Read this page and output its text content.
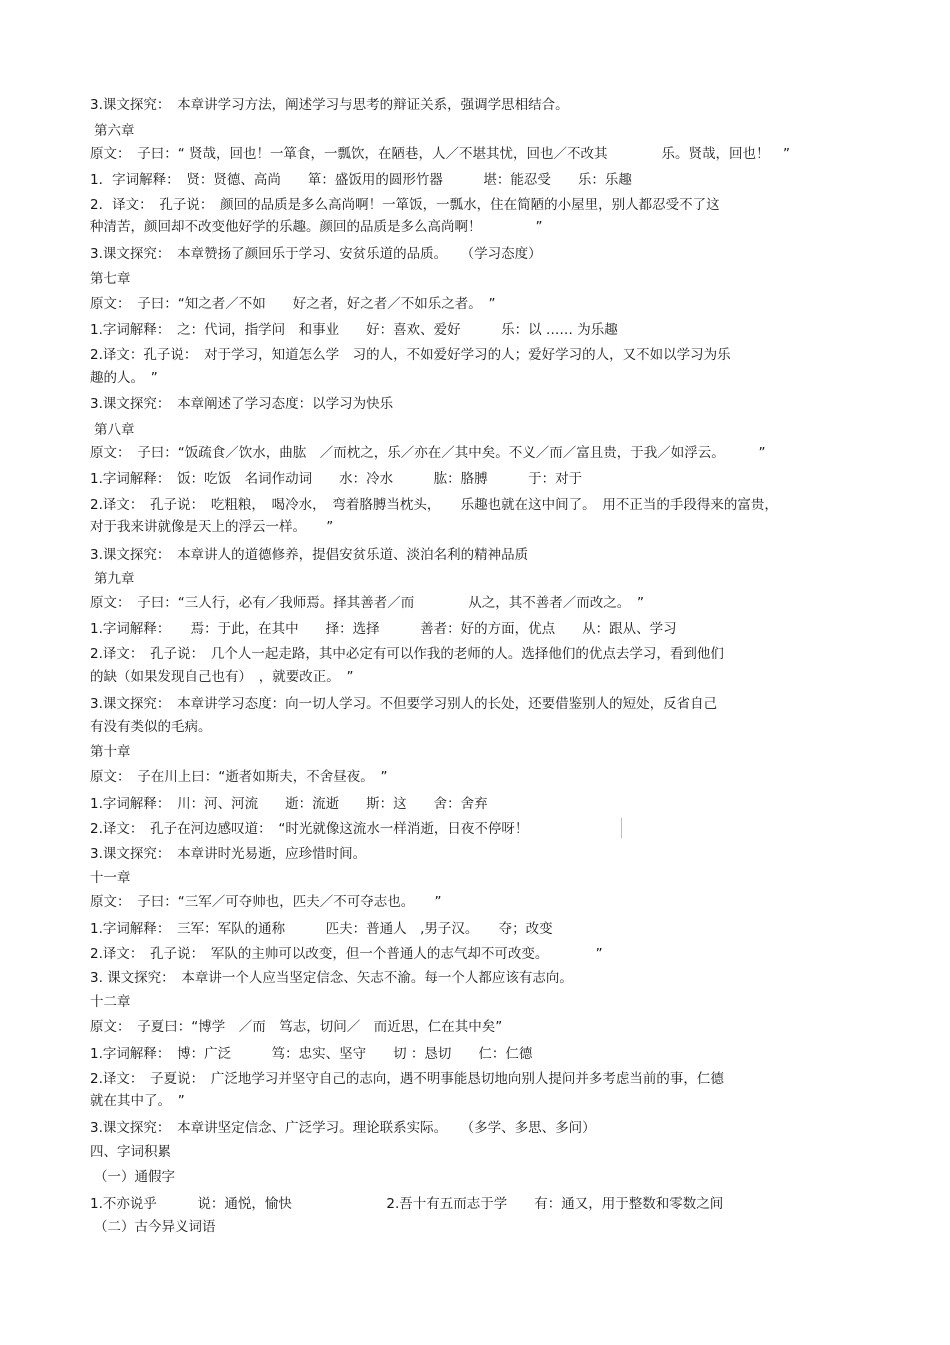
3.课文探究：　本章讲学习方法，阐述学习与思考的辩证关系，强调学思相结合。
第六章
原文：　子曰：“ 贤哉，回也！一箪食，一瓢饮，在陋巷，人／不堪其忧，回也／不改其　　　　乐。贤哉，回也！　”
1．字词解释：　贤：贤德、高尚　　箪：盛饭用的圆形竹器　　　堪：能忍受　　乐：乐趣
2．译文：　孔子说：　颜回的品质是多么高尚啊！一箪饭，一瓢水，住在简陋的小屋里，别人都忍受不了这
种清苦，颜回却不改变他好学的乐趣。颜回的品质是多么高尚啊！　　　　”
3.课文探究：　本章赞扬了颜回乐于学习、安贫乐道的品质。　　（学习态度）
第七章
原文：　子曰：“知之者／不如　　好之者，好之者／不如乐之者。　”
1.字词解释：　之：代词，指学问　和事业　　好：喜欢、爱好　　　乐：以 …… 为乐趣
2.译文：孔子说：　对于学习，知道怎么学　习的人，不如爱好学习的人；爱好学习的人，又不如以学习为乐
趣的人。　”
3.课文探究：　本章阐述了学习态度：以学习为快乐
第八章
原文：　子曰：“饭疏食／饮水，曲肱　／而枕之，乐／亦在／其中矣。不义／而／富且贵，于我／如浮云。　　　”
1.字词解释：　饭：吃饭　名词作动词　　水：冷水　　　肱：胳膊　　　于：对于
2.译文：　孔子说：　吃粗粮，　喝冷水，　弯着胳膊当枕头，　　乐趣也就在这中间了。　用不正当的手段得来的富贵，
对于我来讲就像是天上的浮云一样。　　”
3.课文探究：　本章讲人的道德修养，提倡安贫乐道、淡泊名利的精神品质
第九章
原文：　子曰：“三人行，必有／我师焉。择其善者／而　　　　从之，其不善者／而改之。　”
1.字词解释：　　焉：于此，在其中　　择：选择　　　善者：好的方面，优点　　从：跟从、学习
2.译文：　孔子说：　几个人一起走路，其中必定有可以作我的老师的人。选择他们的优点去学习，看到他们
的缺（如果发现自己也有）　，就要改正。　”
3.课文探究：　本章讲学习态度：向一切人学习。不但要学习别人的长处，还要借鉴别人的短处，反省自己
有没有类似的毛病。
第十章
原文：　子在川上曰：“逝者如斯夫，不舍昼夜。　”
1.字词解释：　川：河、河流　　逝：流逝　　斯：这　　舍：舍弃
2.译文：　孔子在河边感叹道：　“时光就像这流水一样消逝，日夜不停呀！
3.课文探究：　本章讲时光易逝，应珍惜时间。
十一章
原文：　子曰：“三军／可夺帅也，匹夫／不可夺志也。　　”
1.字词解释：　三军：军队的通称　　　匹夫：普通人　,男子汉。　　夺；改变
2.译文：　孔子说：　军队的主帅可以改变，但一个普通人的志气却不可改变。　　　　”
3. 课文探究：　本章讲一个人应当坚定信念、矢志不渝。每一个人都应该有志向。
十二章
原文：　子夏曰：“博学　／而　笃志，切问／　而近思，仁在其中矣”
1.字词解释：　博：广泛　　　笃：忠实、坚守　　切 ：恳切　　仁：仁德
2.译文：　子夏说：　广泛地学习并坚守自己的志向，遇不明事能恳切地向别人提问并多考虑当前的事，仁德
就在其中了。　”
3.课文探究：　本章讲坚定信念、广泛学习。理论联系实际。　　（多学、多思、多问）
四、字词积累
（一）通假字
1.不亦说乎　　　说：通悦，愉快　　　　　　　2.吾十有五而志于学　　有：通又，用于整数和零数之间
（二）古今异义词语
